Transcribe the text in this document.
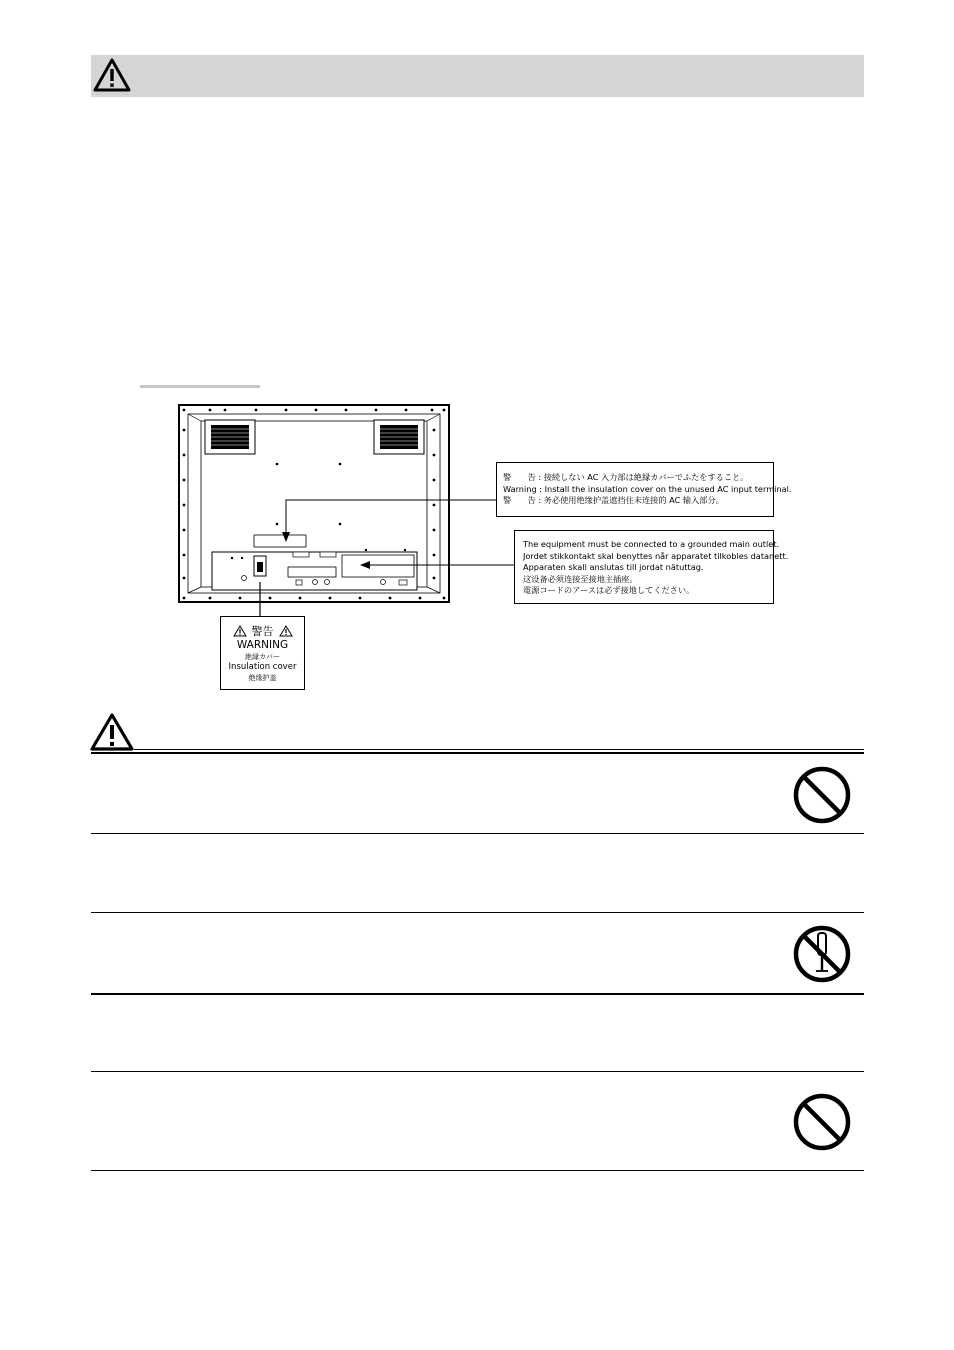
警　　告 : 接続しない AC 入力部は絶縁カバーでふたをすること。
Warning : Install the insulation cover on the unused AC input terminal.
警　　告 : 务必使用绝缘护盖遮挡住未连接的 AC 输入部分。
The equipment must be connected to a grounded main outlet.
Jordet stikkontakt skal benyttes når apparatet tilkobles datanett.
Apparaten skall anslutas till jordat nätuttag.
这设备必须连接至接地主插座。
電源コードのアースは必ず接地してください。
警告
WARNING
絶縁カバー
Insulation cover
绝缘护盖
